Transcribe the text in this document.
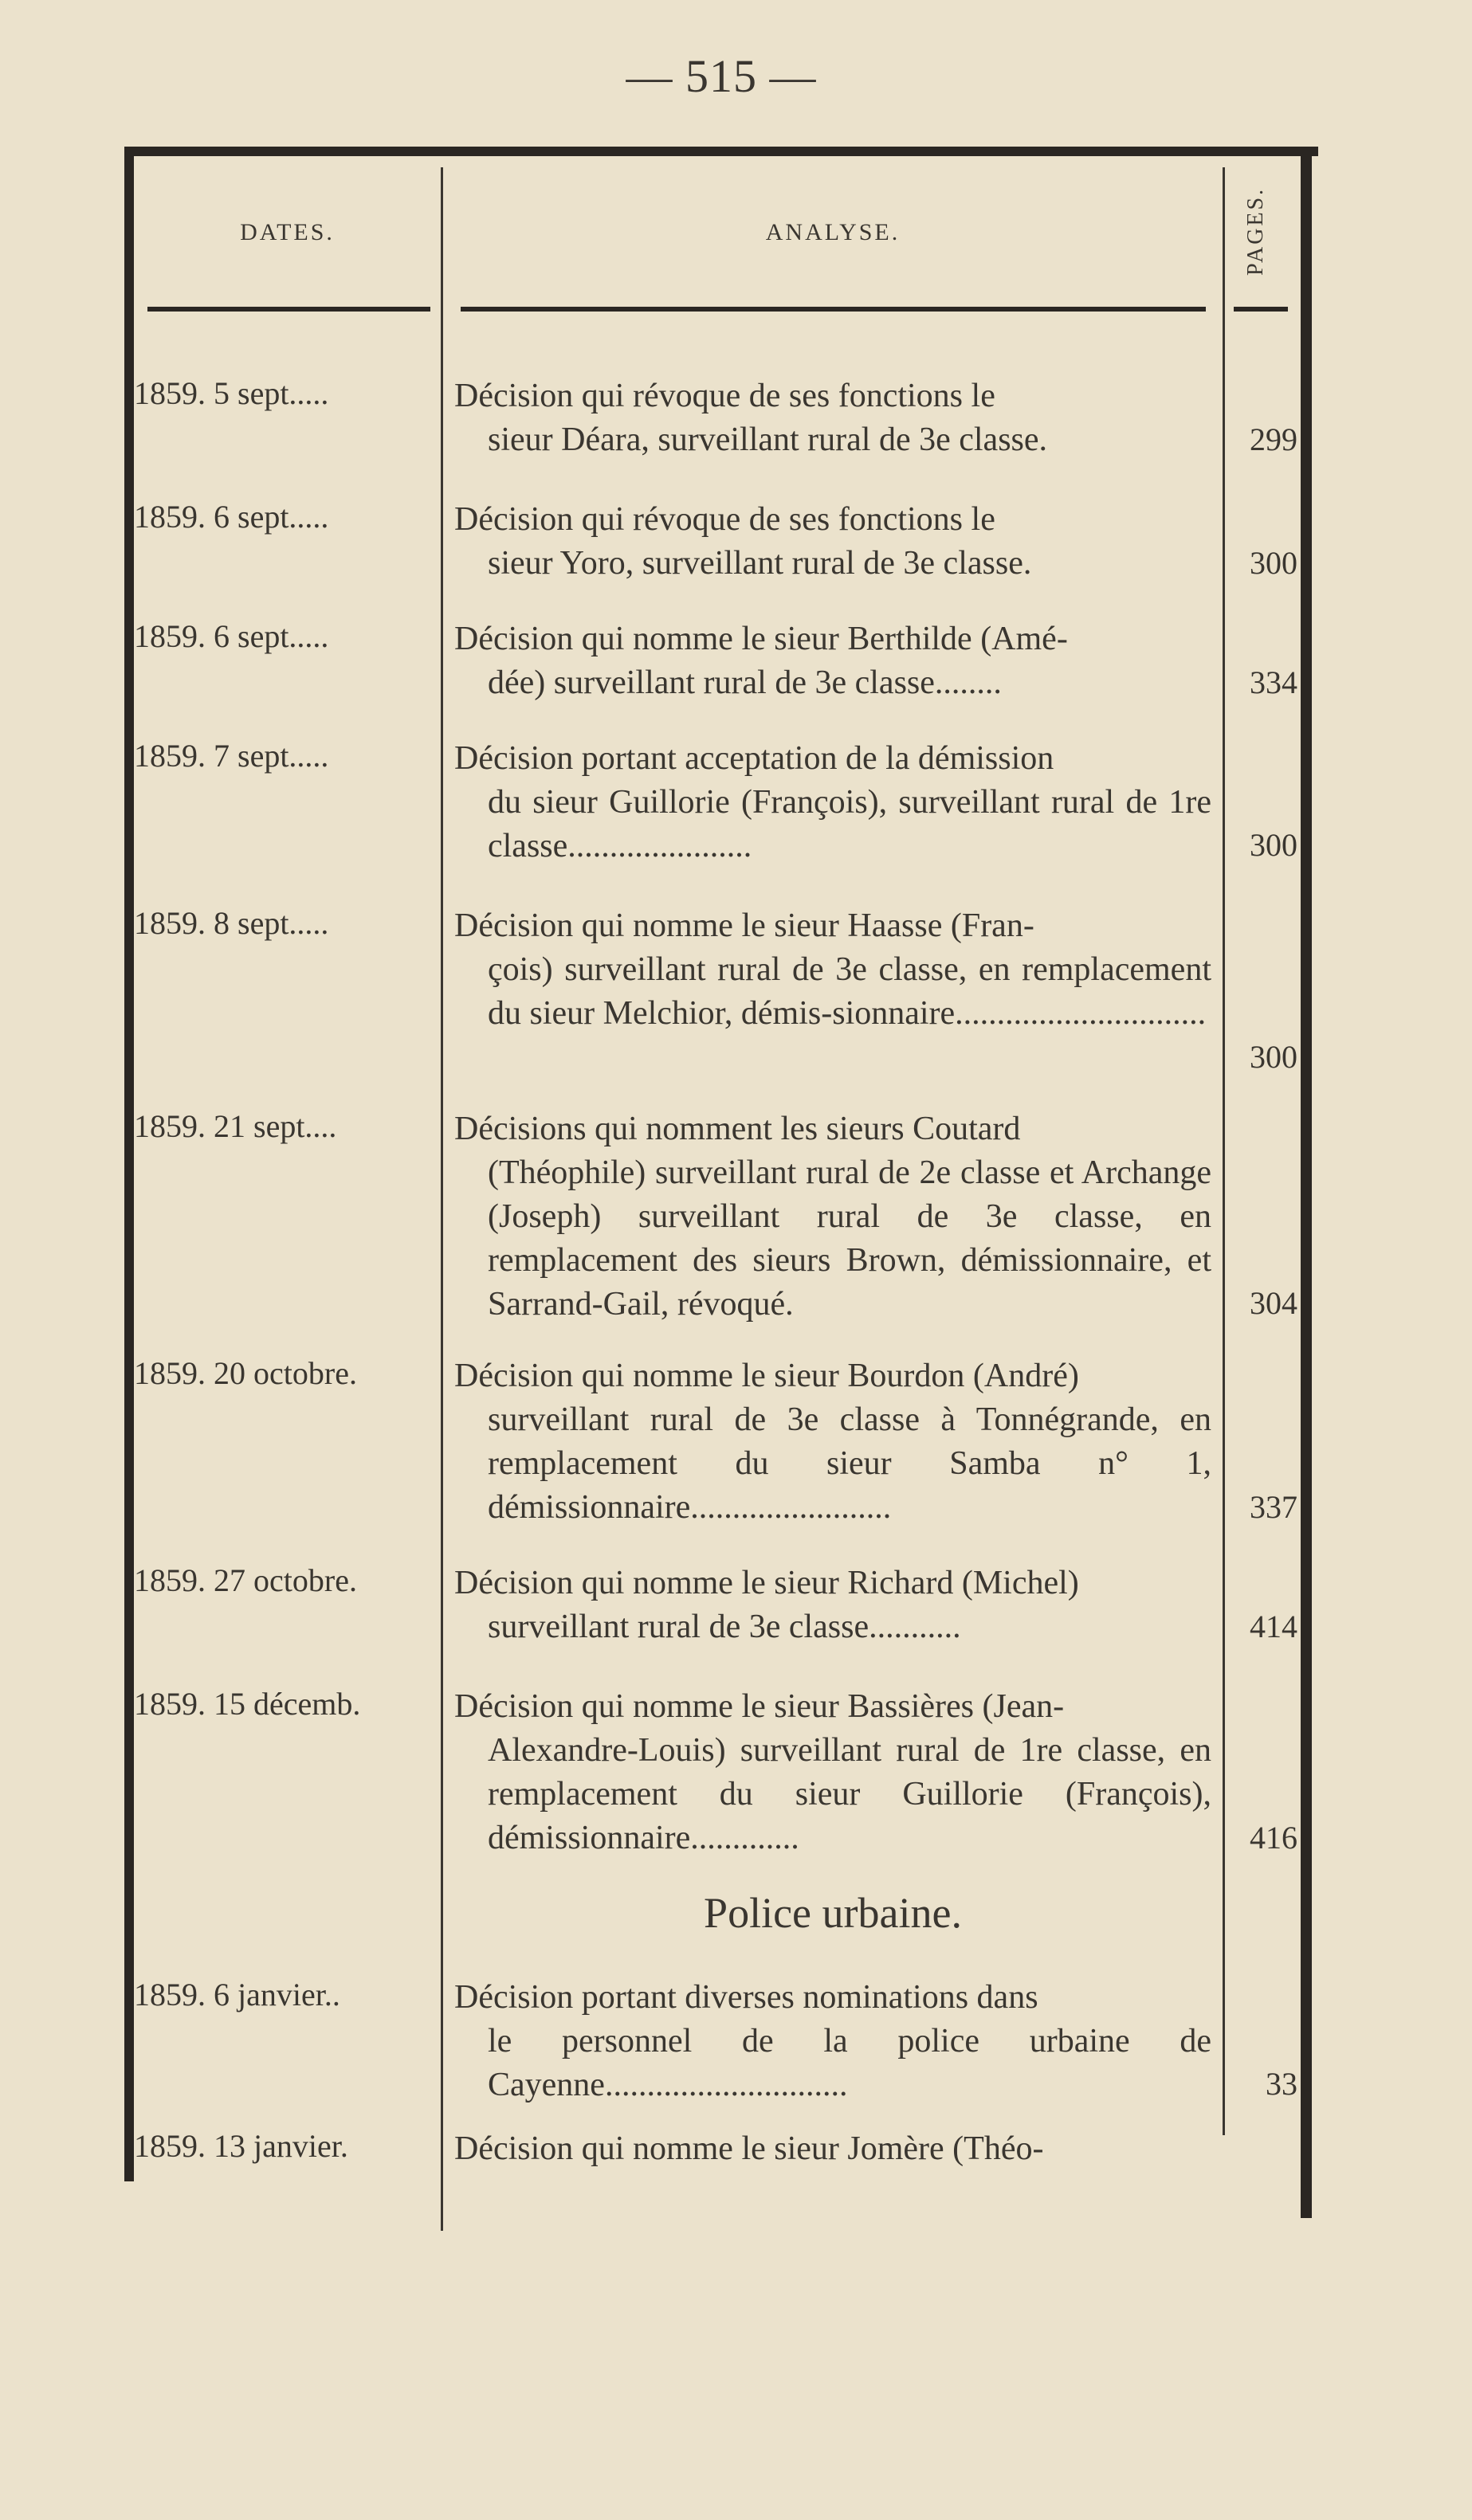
— 515 —
DATES.	ANALYSE.	PAGES.
1859. 5 sept.....	Décision qui révoque de ses fonctions le
sieur Déara, surveillant rural de 3e classe.	299
1859. 6 sept.....	Décision qui révoque de ses fonctions le
sieur Yoro, surveillant rural de 3e classe.	300
1859. 6 sept.....	Décision qui nomme le sieur Berthilde (Amé-
dée) surveillant rural de 3e classe........	334
1859. 7 sept.....	Décision portant acceptation de la démission
du sieur Guillorie (François), surveillant rural de 1re classe......................	300
1859. 8 sept.....	Décision qui nomme le sieur Haasse (Fran-
çois) surveillant rural de 3e classe, en remplacement du sieur Melchior, démis-sionnaire..............................
300
1859. 21 sept....	Décisions qui nomment les sieurs Coutard
(Théophile) surveillant rural de 2e classe et Archange (Joseph) surveillant rural de 3e classe, en remplacement des sieurs Brown, démissionnaire, et Sarrand-Gail, révoqué.	304
1859. 20 octobre.	Décision qui nomme le sieur Bourdon (André)
surveillant rural de 3e classe à Tonnégrande, en remplacement du sieur Samba n° 1, démissionnaire........................	337
1859. 27 octobre.	Décision qui nomme le sieur Richard (Michel)
surveillant rural de 3e classe...........	414
1859. 15 décemb.	Décision qui nomme le sieur Bassières (Jean-
Alexandre-Louis) surveillant rural de 1re classe, en remplacement du sieur Guillorie (François), démissionnaire.............	416
Police urbaine.
1859. 6 janvier..	Décision portant diverses nominations dans
le personnel de la police urbaine de Cayenne.............................	33
1859. 13 janvier.	Décision qui nomme le sieur Jomère (Théo-
